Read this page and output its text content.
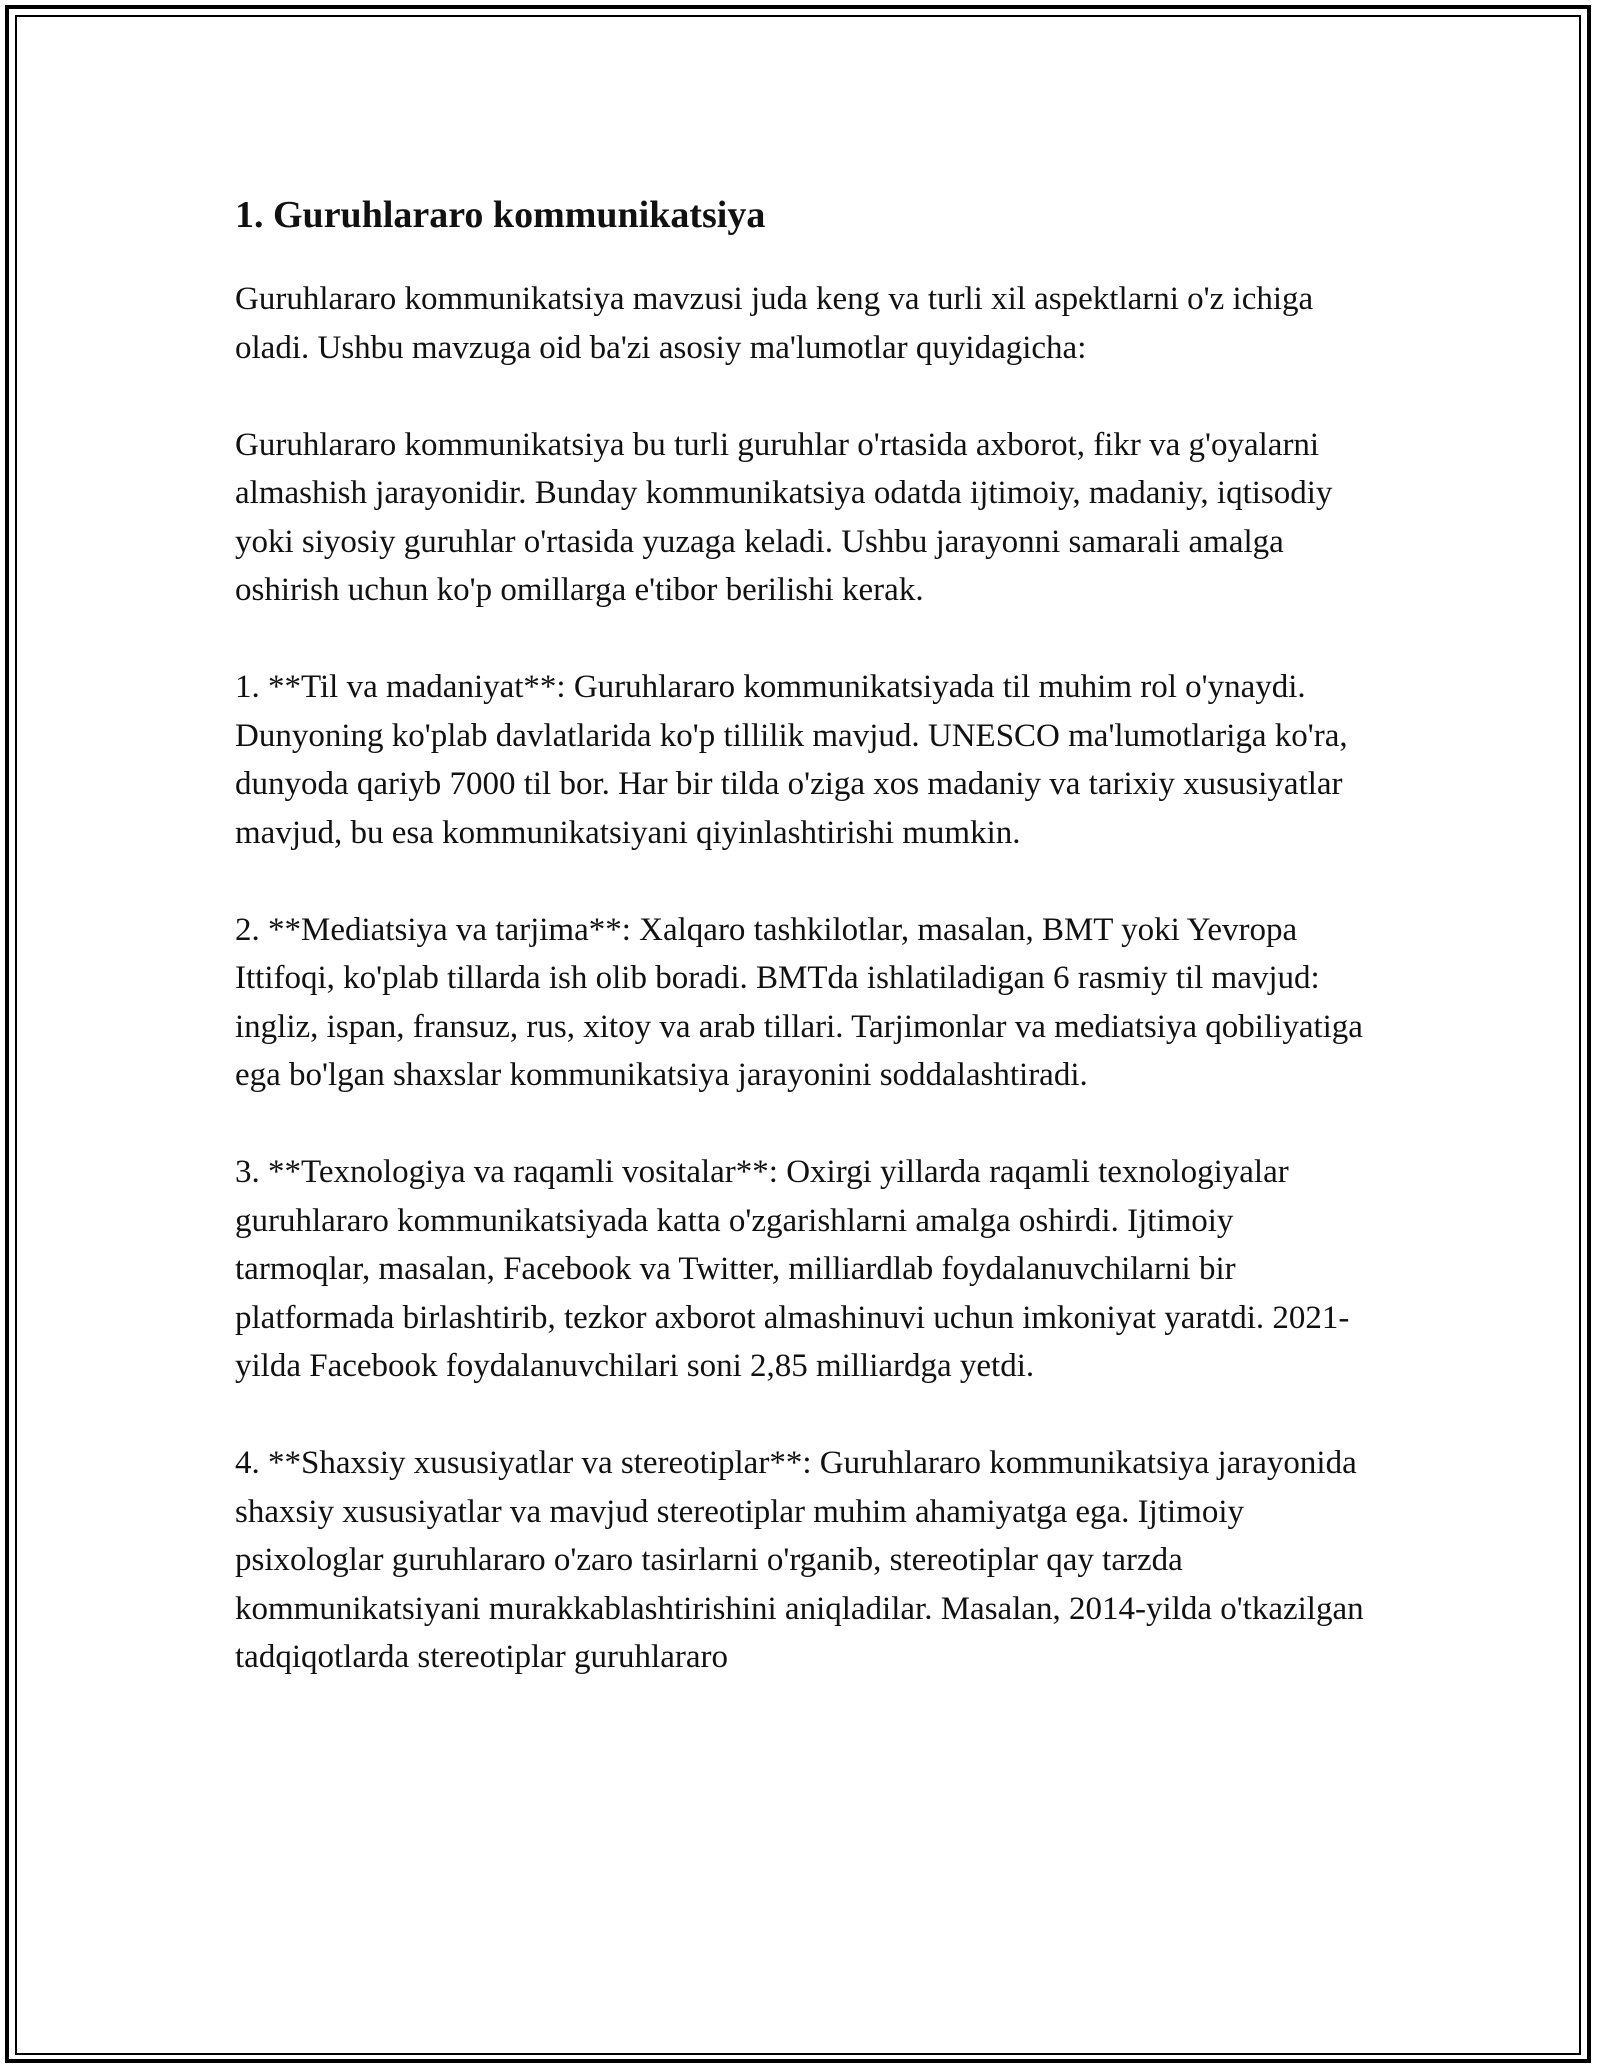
1. Guruhlararo kommunikatsiya

Guruhlararo kommunikatsiya mavzusi juda keng va turli xil aspektlarni o'z ichiga oladi. Ushbu mavzuga oid ba'zi asosiy ma'lumotlar quyidagicha:

Guruhlararo kommunikatsiya bu turli guruhlar o'rtasida axborot, fikr va g'oyalarni almashish jarayonidir. Bunday kommunikatsiya odatda ijtimoiy, madaniy, iqtisodiy yoki siyosiy guruhlar o'rtasida yuzaga keladi. Ushbu jarayonni samarali amalga oshirish uchun ko'p omillarga e'tibor berilishi kerak.

1. **Til va madaniyat**: Guruhlararo kommunikatsiyada til muhim rol o'ynaydi. Dunyoning ko'plab davlatlarida ko'p tillilik mavjud. UNESCO ma'lumotlariga ko'ra, dunyoda qariyb 7000 til bor. Har bir tilda o'ziga xos madaniy va tarixiy xususiyatlar mavjud, bu esa kommunikatsiyani qiyinlashtirishi mumkin.

2. **Mediatsiya va tarjima**: Xalqaro tashkilotlar, masalan, BMT yoki Yevropa Ittifoqi, ko'plab tillarda ish olib boradi. BMTda ishlatiladigan 6 rasmiy til mavjud: ingliz, ispan, fransuz, rus, xitoy va arab tillari. Tarjimonlar va mediatsiya qobiliyatiga ega bo'lgan shaxslar kommunikatsiya jarayonini soddalashtiradi.

3. **Texnologiya va raqamli vositalar**: Oxirgi yillarda raqamli texnologiyalar guruhlararo kommunikatsiyada katta o'zgarishlarni amalga oshirdi. Ijtimoiy tarmoqlar, masalan, Facebook va Twitter, milliardlab foydalanuvchilarni bir platformada birlashtirib, tezkor axborot almashinuvi uchun imkoniyat yaratdi. 2021-yilda Facebook foydalanuvchilari soni 2,85 milliardga yetdi.

4. **Shaxsiy xususiyatlar va stereotiplar**: Guruhlararo kommunikatsiya jarayonida shaxsiy xususiyatlar va mavjud stereotiplar muhim ahamiyatga ega. Ijtimoiy psixologlar guruhlararo o'zaro tasirlarni o'rganib, stereotiplar qay tarzda kommunikatsiyani murakkablashtirishini aniqladilar. Masalan, 2014-yilda o'tkazilgan tadqiqotlarda stereotiplar guruhlararo
